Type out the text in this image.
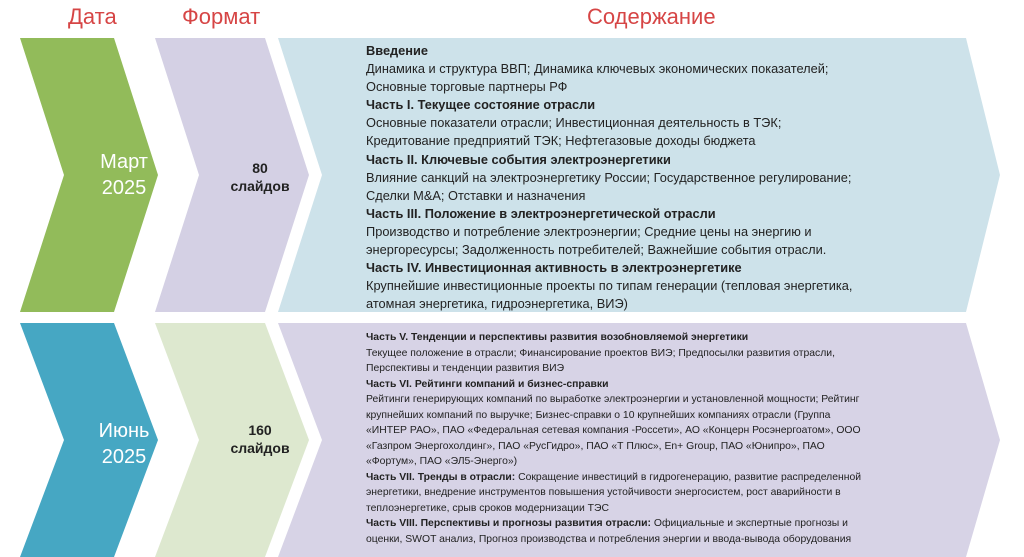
Дата	Формат	Содержание
Март
2025
80
слайдов
Июнь
2025
160
слайдов
Введение
Динамика и структура ВВП; Динамика ключевых экономических показателей;
Основные торговые партнеры РФ
Часть I. Текущее состояние отрасли
Основные показатели отрасли; Инвестиционная деятельность в ТЭК;
Кредитование предприятий ТЭК; Нефтегазовые доходы бюджета
Часть II. Ключевые события электроэнергетики
Влияние санкций на электроэнергетику России; Государственное регулирование;
Сделки M&A; Отставки и назначения
Часть III. Положение в электроэнергетической отрасли
Производство и потребление электроэнергии; Средние цены на энергию и
энергоресурсы; Задолженность потребителей; Важнейшие события отрасли.
Часть IV. Инвестиционная активность в электроэнергетике
Крупнейшие инвестиционные проекты по типам генерации (тепловая энергетика,
атомная энергетика, гидроэнергетика, ВИЭ)
Часть V. Тенденции и перспективы развития возобновляемой энергетики
Текущее положение в отрасли; Финансирование проектов ВИЭ; Предпосылки развития отрасли,
Перспективы и тенденции развития ВИЭ
Часть VI. Рейтинги компаний и бизнес-справки
Рейтинги генерирующих компаний по выработке электроэнергии и установленной мощности; Рейтинг
крупнейших компаний по выручке; Бизнес-справки о 10 крупнейших компаниях отрасли (Группа
«ИНТЕР РАО», ПАО «Федеральная сетевая компания -Россети», АО «Концерн Росэнергоатом», ООО
«Газпром Энергохолдинг», ПАО «РусГидро», ПАО «Т Плюс», En+ Group, ПАО «Юнипро», ПАО
«Фортум», ПАО «ЭЛ5-Энерго»)
Часть VII. Тренды в отрасли: Сокращение инвестиций в гидрогенерацию, развитие распределенной
энергетики, внедрение инструментов повышения устойчивости энергосистем, рост аварийности в
теплоэнергетике, срыв сроков модернизации ТЭС
Часть VIII. Перспективы и прогнозы развития отрасли: Официальные и экспертные прогнозы и
оценки, SWOT анализ, Прогноз производства и потребления энергии и ввода-вывода оборудования
